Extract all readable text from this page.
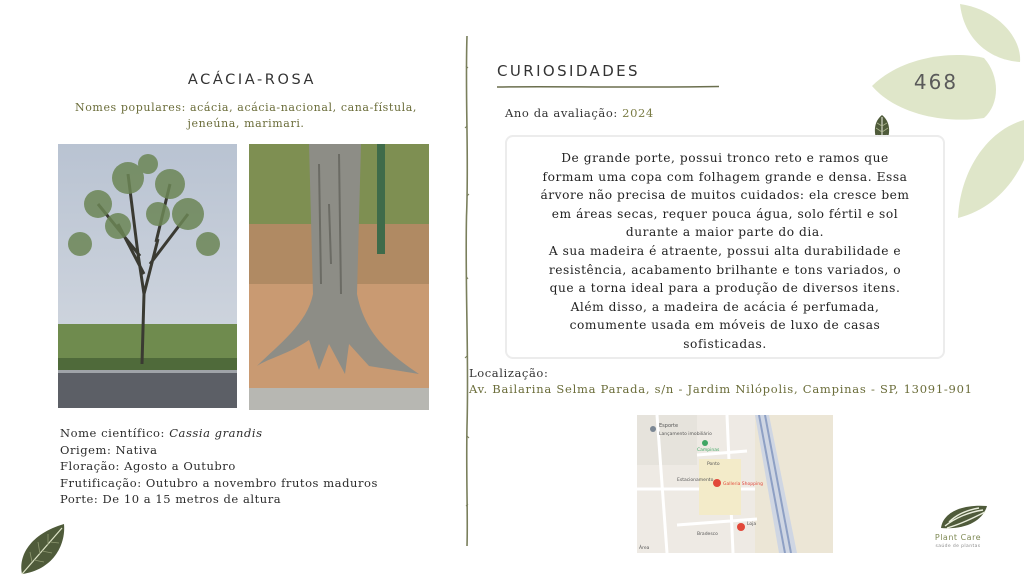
ACÁCIA-ROSA
Nomes populares: acácia, acácia-nacional, cana-fístula,
jeneúna, marimari.
Nome científico: Cassia grandis
Origem: Nativa
Floração: Agosto a Outubro
Frutificação: Outubro a novembro frutos maduros
Porte: De 10 a 15 metros de altura
CURIOSIDADES
Ano da avaliação: 2024
De grande porte, possui tronco reto e ramos que
formam uma copa com folhagem grande e densa. Essa
árvore não precisa de muitos cuidados: ela cresce bem
em áreas secas, requer pouca água, solo fértil e sol
durante a maior parte do dia.
A sua madeira é atraente, possui alta durabilidade e
resistência, acabamento brilhante e tons variados, o
que a torna ideal para a produção de diversos itens.
Além disso, a madeira de acácia é perfumada,
comumente usada em móveis de luxo de casas
sofisticadas.
Localização:
Av. Bailarina Selma Parada, s/n - Jardim Nilópolis, Campinas - SP, 13091-901
Esporte
Lançamento imobiliário
Campinas
Ponto
Galleria Shopping
Estacionamento
Loja
Bradesco
Área
468
Plant Care
saúde de plantas
